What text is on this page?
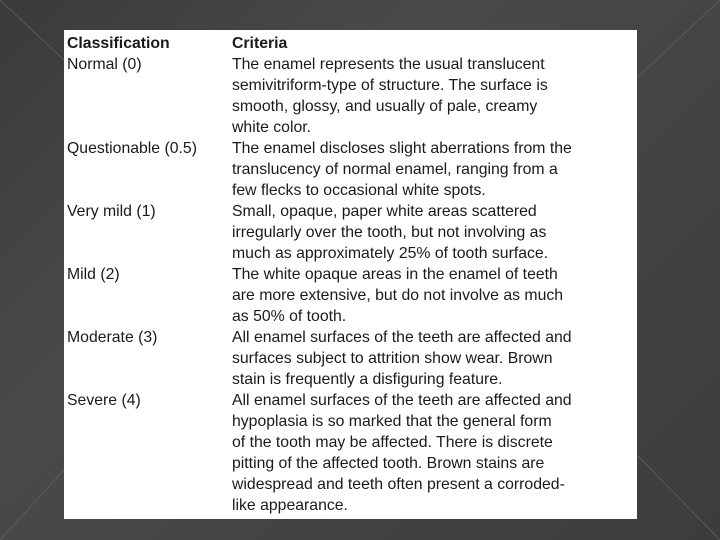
Classification	Criteria
Normal (0)	The enamel represents the usual translucent
semivitriform-type of structure. The surface is
smooth, glossy, and usually of pale, creamy
white color.
Questionable (0.5)	The enamel discloses slight aberrations from the
translucency of normal enamel, ranging from a
few flecks to occasional white spots.
Very mild (1)	Small, opaque, paper white areas scattered
irregularly over the tooth, but not involving as
much as approximately 25% of tooth surface.
Mild (2)	The white opaque areas in the enamel of teeth
are more extensive, but do not involve as much
as 50% of tooth.
Moderate (3)	All enamel surfaces of the teeth are affected and
surfaces subject to attrition show wear. Brown
stain is frequently a disfiguring feature.
Severe (4)	All enamel surfaces of the teeth are affected and
hypoplasia is so marked that the general form
of the tooth may be affected. There is discrete
pitting of the affected tooth. Brown stains are
widespread and teeth often present a corroded-
like appearance.
